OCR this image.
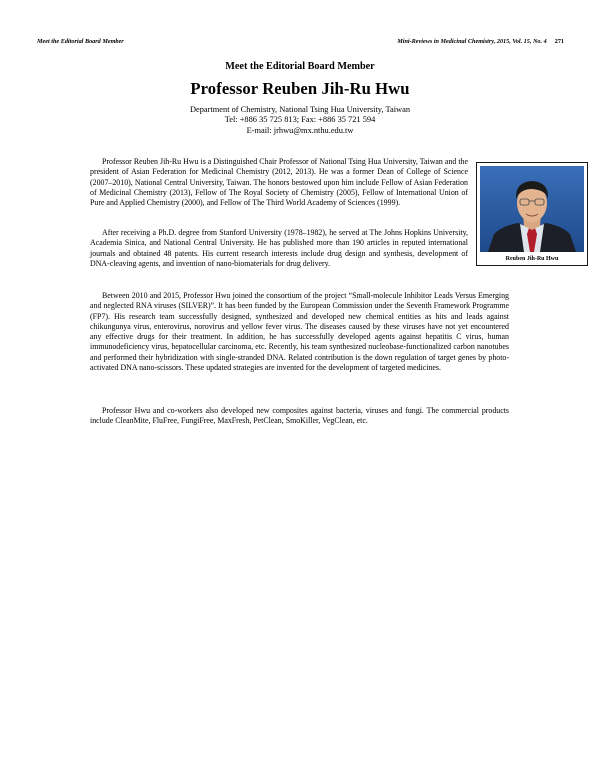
Meet the Editorial Board Member	Mini-Reviews in Medicinal Chemistry, 2015, Vol. 15, No. 4 271
Meet the Editorial Board Member
Professor Reuben Jih-Ru Hwu
Department of Chemistry, National Tsing Hua University, Taiwan
Tel: +886 35 725 813; Fax: +886 35 721 594
E-mail: jrhwu@mx.nthu.edu.tw
Reuben Jih-Ru Hwu

Professor Reuben Jih-Ru Hwu is a Distinguished Chair Professor of National Tsing Hua University, Taiwan and the president of Asian Federation for Medicinal Chemistry (2012, 2013). He was a former Dean of College of Science (2007–2010), National Central University, Taiwan. The honors bestowed upon him include Fellow of Asian Federation of Medicinal Chemistry (2013), Fellow of The Royal Society of Chemistry (2005), Fellow of International Union of Pure and Applied Chemistry (2000), and Fellow of The Third World Academy of Sciences (1999).

After receiving a Ph.D. degree from Stanford University (1978–1982), he served at The Johns Hopkins University, Academia Sinica, and National Central University. He has published more than 190 articles in reputed international journals and obtained 48 patents. His current research interests include drug design and synthesis, development of DNA-cleaving agents, and invention of nano-biomaterials for drug delivery.

Between 2010 and 2015, Professor Hwu joined the consortium of the project “Small-molecule Inhibitor Leads Versus Emerging and neglected RNA viruses (SILVER)”. It has been funded by the European Commission under the Seventh Framework Programme (FP7). His research team successfully designed, synthesized and developed new chemical entities as hits and leads against chikungunya virus, enterovirus, norovirus and yellow fever virus. The diseases caused by these viruses have not yet encountered any effective drugs for their treatment. In addition, he has successfully developed agents against hepatitis C virus, human immunodeficiency virus, hepatocellular carcinoma, etc. Recently, his team synthesized nucleobase-functionalized carbon nanotubes and performed their hybridization with single-stranded DNA. Related contribution is the down regulation of target genes by photo-activated DNA nano-scissors. These updated strategies are invented for the development of targeted medicines.

Professor Hwu and co-workers also developed new composites against bacteria, viruses and fungi. The commercial products include CleanMite, FluFree, FungiFree, MaxFresh, PetClean, SmoKiller, VegClean, etc.
